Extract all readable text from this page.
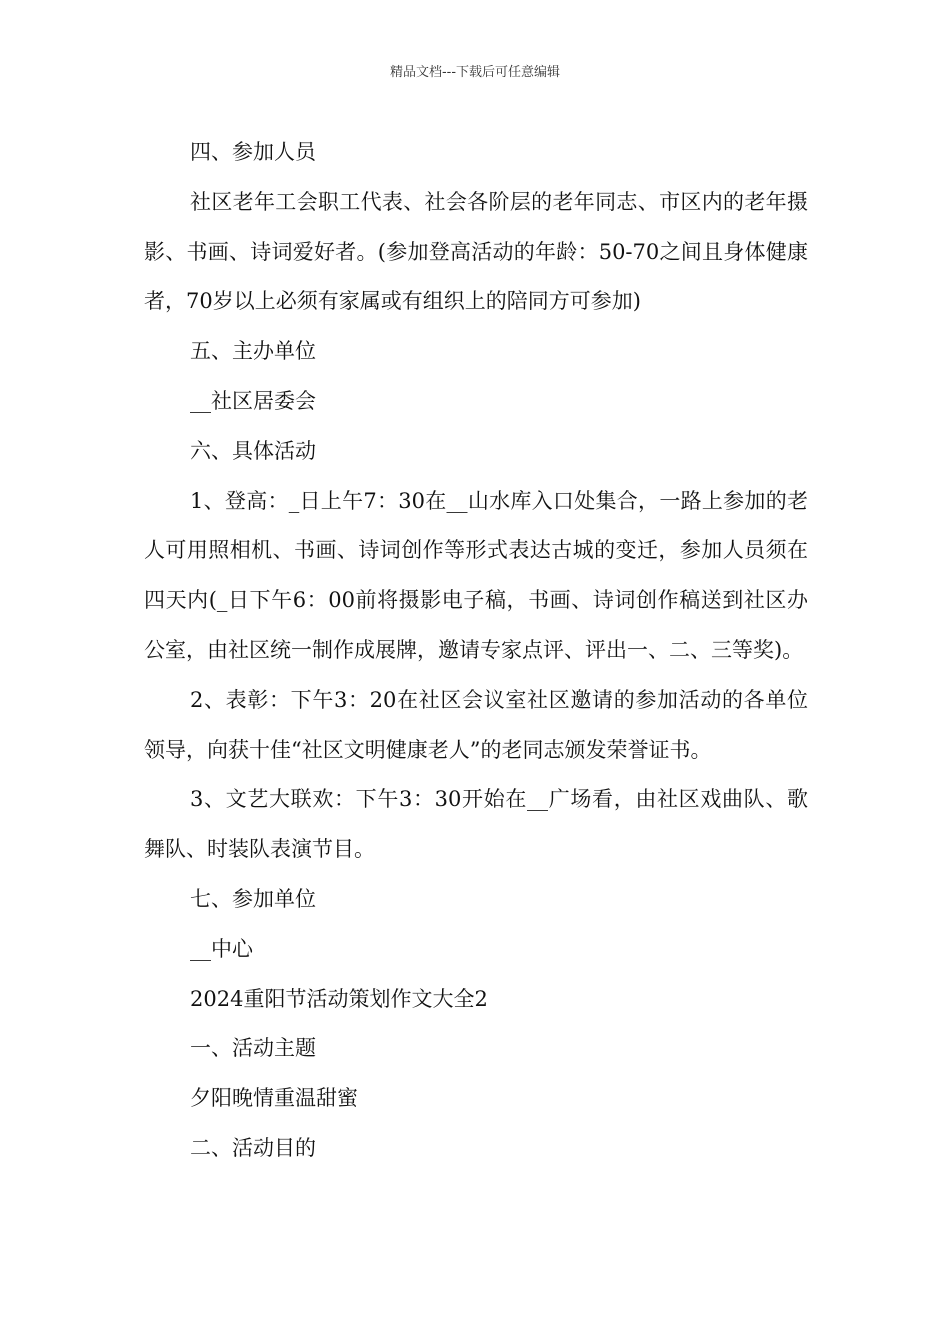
精品文档---下载后可任意编辑

四、参加人员

社区老年工会职工代表、社会各阶层的老年同志、市区内的老年摄影、书画、诗词爱好者。(参加登高活动的年龄：50-70之间且身体健康者，70岁以上必须有家属或有组织上的陪同方可参加)

五、主办单位

__社区居委会

六、具体活动

1、登高：_日上午7：30在__山水库入口处集合，一路上参加的老人可用照相机、书画、诗词创作等形式表达古城的变迁，参加人员须在四天内(_日下午6：00前将摄影电子稿，书画、诗词创作稿送到社区办公室，由社区统一制作成展牌，邀请专家点评、评出一、二、三等奖)。

2、表彰：下午3：20在社区会议室社区邀请的参加活动的各单位领导，向获十佳“社区文明健康老人”的老同志颁发荣誉证书。

3、文艺大联欢：下午3：30开始在__广场看，由社区戏曲队、歌舞队、时装队表演节目。

七、参加单位

__中心

2024重阳节活动策划作文大全2

一、活动主题

夕阳晚情重温甜蜜

二、活动目的
